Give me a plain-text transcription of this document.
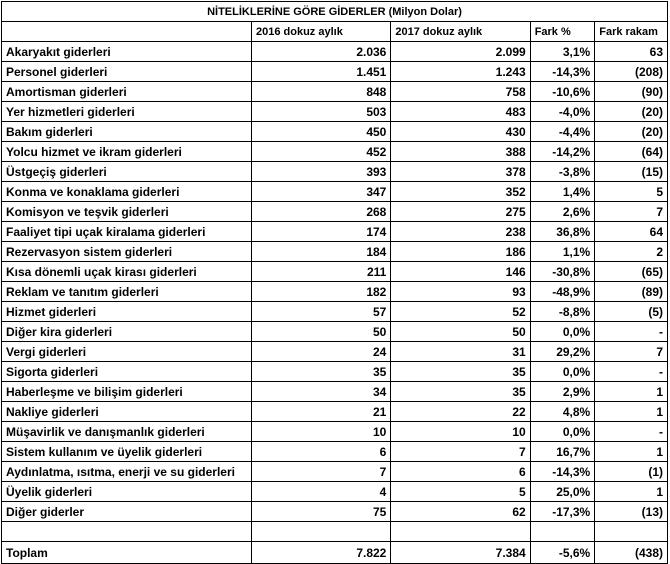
NİTELİKLERİNE GÖRE GİDERLER (Milyon Dolar)				
	2016 dokuz aylık	2017 dokuz aylık	Fark %	Fark rakam
Akaryakıt giderleri	2.036	2.099	3,1%	63
Personel giderleri	1.451	1.243	-14,3%	(208)
Amortisman giderleri	848	758	-10,6%	(90)
Yer hizmetleri giderleri	503	483	-4,0%	(20)
Bakım giderleri	450	430	-4,4%	(20)
Yolcu hizmet ve ikram giderleri	452	388	-14,2%	(64)
Üstgeçiş giderleri	393	378	-3,8%	(15)
Konma ve konaklama giderleri	347	352	1,4%	5
Komisyon ve teşvik giderleri	268	275	2,6%	7
Faaliyet tipi uçak kiralama giderleri	174	238	36,8%	64
Rezervasyon sistem giderleri	184	186	1,1%	2
Kısa dönemli uçak kirası giderleri	211	146	-30,8%	(65)
Reklam ve tanıtım giderleri	182	93	-48,9%	(89)
Hizmet giderleri	57	52	-8,8%	(5)
Diğer kira giderleri	50	50	0,0%	-
Vergi giderleri	24	31	29,2%	7
Sigorta giderleri	35	35	0,0%	-
Haberleşme ve bilişim giderleri	34	35	2,9%	1
Nakliye giderleri	21	22	4,8%	1
Müşavirlik ve danışmanlık giderleri	10	10	0,0%	-
Sistem kullanım ve üyelik giderleri	6	7	16,7%	1
Aydınlatma, ısıtma, enerji ve su giderleri	7	6	-14,3%	(1)
Üyelik giderleri	4	5	25,0%	1
Diğer giderler	75	62	-17,3%	(13)

Toplam	7.822	7.384	-5,6%	(438)
